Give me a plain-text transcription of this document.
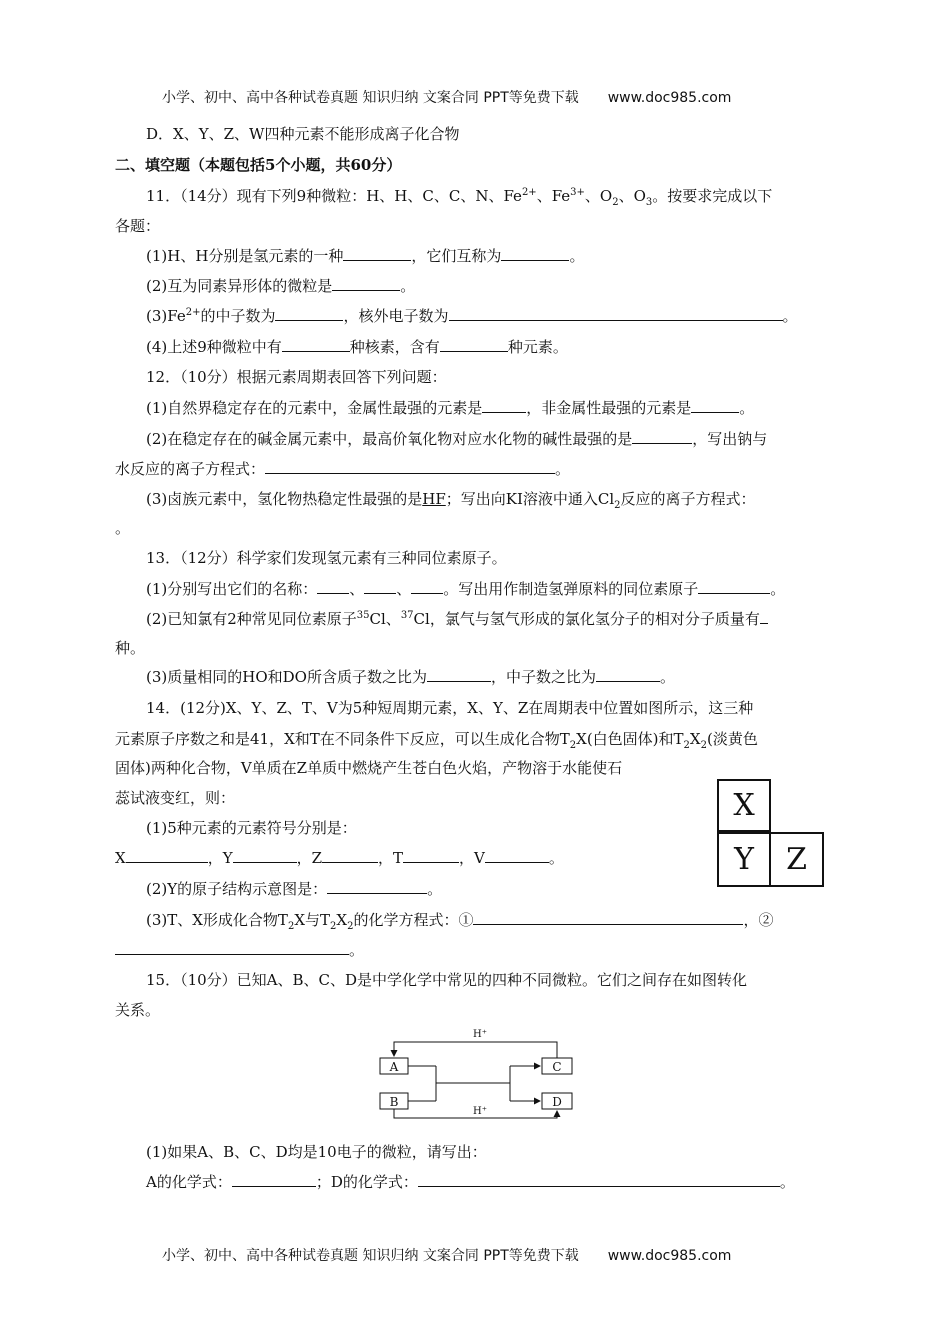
小学、初中、高中各种试卷真题 知识归纳 文案合同 PPT等免费下载 www.doc985.com
D．X、Y、Z、W四种元素不能形成离子化合物
二、填空题（本题包括5个小题，共60分）
11．（14分）现有下列9种微粒：H、H、C、C、N、$Fe^{2+}$、$Fe^{3+}$、$O_2$、$O_3$。按要求完成以下
各题：
(1)H、H分别是氢元素的一种	，它们互称为	。
(2)互为同素异形体的微粒是	。
$(3)Fe^{2+}$的中子数为	，核外电子数为	。
(4)上述9种微粒中有	种核素，含有	种元素。
12．（10分）根据元素周期表回答下列问题：
(1)自然界稳定存在的元素中，金属性最强的元素是	，非金属性最强的元素是	。
(2)在稳定存在的碱金属元素中，最高价氧化物对应水化物的碱性最强的是	，写出钠与
水反应的离子方程式：	。
(3)卤族元素中，氢化物热稳定性最强的是HF；写出向KI溶液中通入$Cl_2$反应的离子方程式：
。
13．（12分）科学家们发现氢元素有三种同位素原子。
(1)分别写出它们的名称： 、 、 。写出用作制造氢弹原料的同位素原子	。
(2)已知氯有2种常见同位素原子$^{35}$Cl、$^{37}$Cl，氯气与氢气形成的氯化氢分子的相对分子质量有
种。
(3)质量相同的HO和DO所含质子数之比为	，中子数之比为	。
14．(12分)X、Y、Z、T、V为5种短周期元素，X、Y、Z在周期表中位置如图所示，这三种
元素原子序数之和是41，X和T在不同条件下反应，可以生成化合物$T_2X$(白色固体)和$T_2X_2$(淡黄色
固体)两种化合物，V单质在Z单质中燃烧产生苍白色火焰，产物溶于水能使石
蕊试液变红，则：	X
Y	Z
(1)5种元素的元素符号分别是：
X	，Y	，Z	，T	，V	。
(2)Y的原子结构示意图是：	。
(3)T、X形成化合物$T_2X$与$T_2X_2$的化学方程式：①	，②
。
15．（10分）已知A、B、C、D是中学化学中常见的四种不同微粒。它们之间存在如图转化
关系。
A
B
C
D
H⁺
H⁺
(1)如果A、B、C、D均是10电子的微粒，请写出：
A的化学式：	；D的化学式：	。
小学、初中、高中各种试卷真题 知识归纳 文案合同 PPT等免费下载 www.doc985.com
